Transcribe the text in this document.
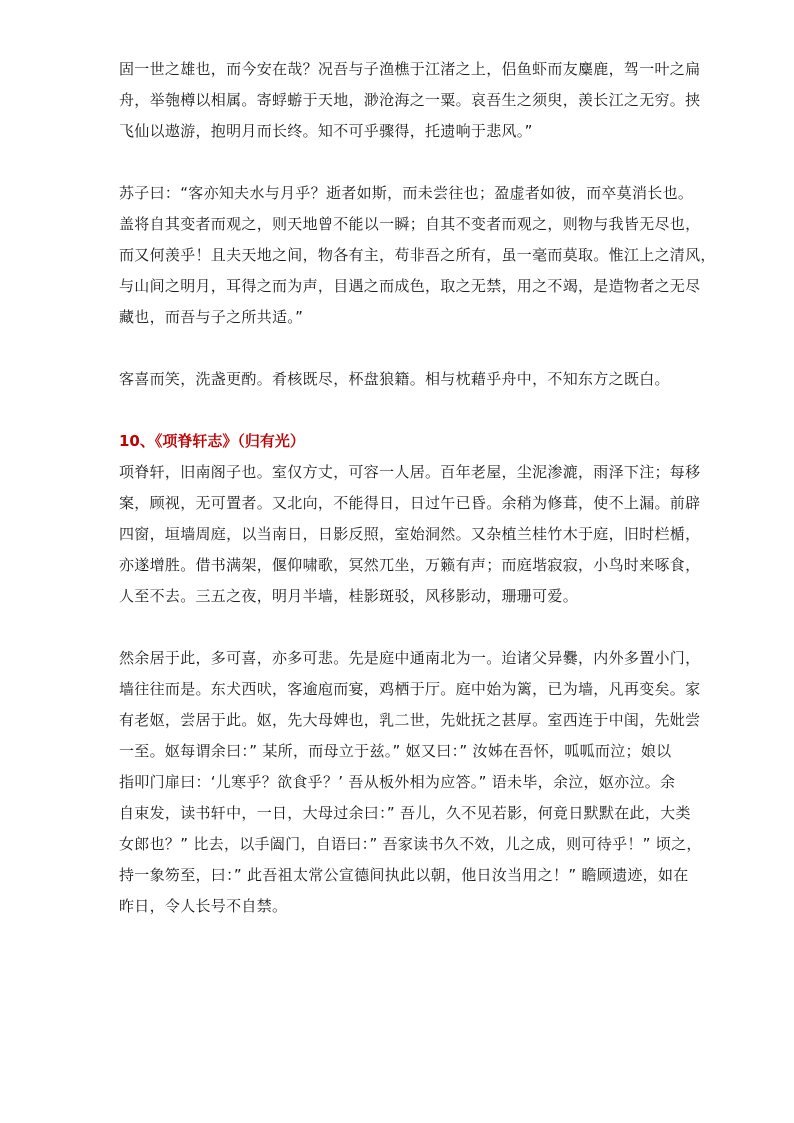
固一世之雄也，而今安在哉？况吾与子渔樵于江渚之上，侣鱼虾而友麋鹿，驾一叶之扁
舟，举匏樽以相属。寄蜉蝣于天地，渺沧海之一粟。哀吾生之须臾，羡长江之无穷。挟
飞仙以遨游，抱明月而长终。知不可乎骤得，托遗响于悲风。”
苏子曰：“客亦知夫水与月乎？逝者如斯，而未尝往也；盈虚者如彼，而卒莫消长也。
盖将自其变者而观之，则天地曾不能以一瞬；自其不变者而观之，则物与我皆无尽也，
而又何羡乎！且夫天地之间，物各有主，苟非吾之所有，虽一毫而莫取。惟江上之清风，
与山间之明月，耳得之而为声，目遇之而成色，取之无禁，用之不竭，是造物者之无尽
藏也，而吾与子之所共适。”
客喜而笑，洗盏更酌。肴核既尽，杯盘狼籍。相与枕藉乎舟中，不知东方之既白。
10、《项脊轩志》（归有光）
项脊轩，旧南阁子也。室仅方丈，可容一人居。百年老屋，尘泥渗漉，雨泽下注；每移
案，顾视，无可置者。又北向，不能得日，日过午已昏。余稍为修葺，使不上漏。前辟
四窗，垣墙周庭，以当南日，日影反照，室始洞然。又杂植兰桂竹木于庭，旧时栏楯，
亦遂增胜。借书满架，偃仰啸歌，冥然兀坐，万籁有声；而庭堦寂寂，小鸟时来啄食，
人至不去。三五之夜，明月半墙，桂影斑驳，风移影动，珊珊可爱。
然余居于此，多可喜，亦多可悲。先是庭中通南北为一。迨诸父异爨，内外多置小门，
墙往往而是。东犬西吠，客逾庖而宴，鸡栖于厅。庭中始为篱，已为墙，凡再变矣。家
有老妪，尝居于此。妪，先大母婢也，乳二世，先妣抚之甚厚。室西连于中闺，先妣尝
一至。妪每谓余曰：” 某所，而母立于兹。” 妪又曰：” 汝姊在吾怀，呱呱而泣；娘以
指叩门扉曰：‘儿寒乎？欲食乎？’ 吾从板外相为应答。” 语未毕，余泣，妪亦泣。余
自束发，读书轩中，一日，大母过余曰：” 吾儿，久不见若影，何竟日默默在此，大类
女郎也？” 比去，以手阖门，自语曰：” 吾家读书久不效，儿之成，则可待乎！” 顷之，
持一象笏至，曰：” 此吾祖太常公宣德间执此以朝，他日汝当用之！” 瞻顾遗迹，如在
昨日，令人长号不自禁。
